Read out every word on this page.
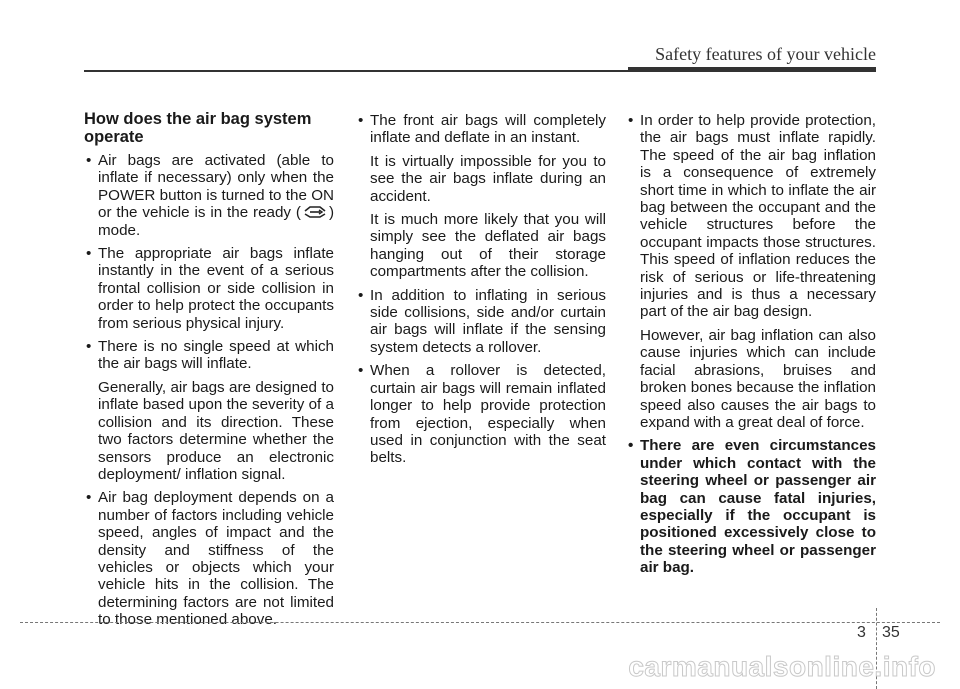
Safety features of your vehicle
How does the air bag system operate
• Air bags are activated (able to inflate if necessary) only when the POWER button is turned to the ON or the vehicle is in the ready ( ) mode.
• The appropriate air bags inflate instantly in the event of a serious frontal collision or side collision in order to help protect the occupants from serious physical injury.
• There is no single speed at which the air bags will inflate.
Generally, air bags are designed to inflate based upon the severity of a collision and its direction. These two factors determine whether the sensors produce an electronic deployment/ inflation signal.
• Air bag deployment depends on a number of factors including vehicle speed, angles of impact and the density and stiffness of the vehicles or objects which your vehicle hits in the collision. The determining factors are not limited to those mentioned above.
• The front air bags will completely inflate and deflate in an instant.
It is virtually impossible for you to see the air bags inflate during an accident.
It is much more likely that you will simply see the deflated air bags hanging out of their storage compartments after the collision.
• In addition to inflating in serious side collisions, side and/or curtain air bags will inflate if the sensing system detects a rollover.
• When a rollover is detected, curtain air bags will remain inflated longer to help provide protection from ejection, especially when used in conjunction with the seat belts.
• In order to help provide protection, the air bags must inflate rapidly. The speed of the air bag inflation is a consequence of extremely short time in which to inflate the air bag between the occupant and the vehicle structures before the occupant impacts those structures. This speed of inflation reduces the risk of serious or life-threatening injuries and is thus a necessary part of the air bag design.
However, air bag inflation can also cause injuries which can include facial abrasions, bruises and broken bones because the inflation speed also causes the air bags to expand with a great deal of force.
• There are even circumstances under which contact with the steering wheel or passenger air bag can cause fatal injuries, especially if the occupant is positioned excessively close to the steering wheel or passenger air bag.
3 35
carmanualsonline.info
